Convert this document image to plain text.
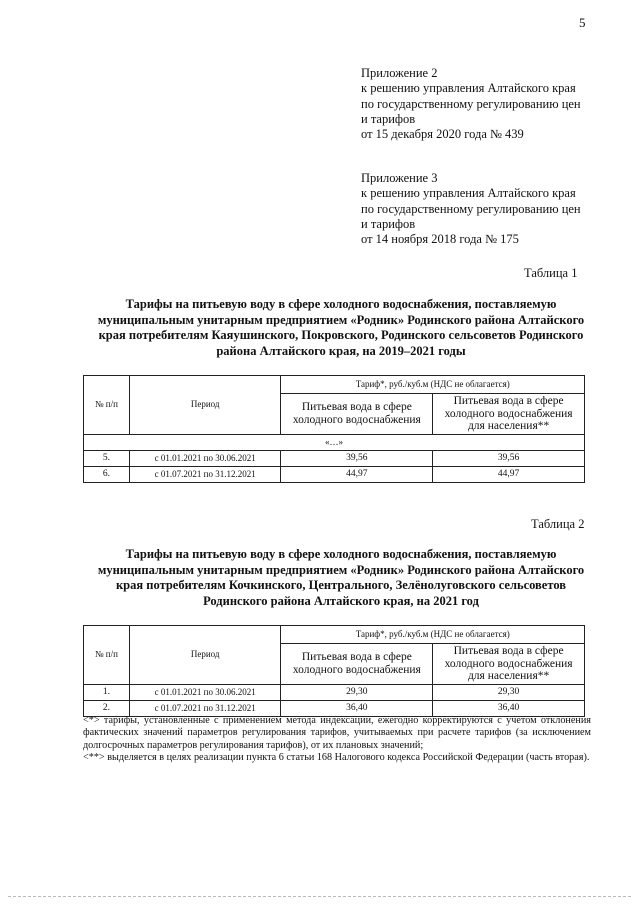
5
Приложение 2
к решению управления Алтайского края
по государственному регулированию цен
и тарифов
от 15 декабря 2020 года № 439
Приложение 3
к решению управления Алтайского края
по государственному регулированию цен
и тарифов
от 14 ноября 2018 года № 175
Таблица 1
Тарифы на питьевую воду в сфере холодного водоснабжения, поставляемую муниципальным унитарным предприятием «Родник» Родинского района Алтайского края потребителям Каяушинского, Покровского, Родинского сельсоветов Родинского района Алтайского края, на 2019–2021 годы
№ п/п	Период	Тариф*, руб./куб.м (НДС не облагается)	
		Питьевая вода в сфере холодного водоснабжения	Питьевая вода в сфере холодного водоснабжения для населения**
«…»			
5.	с 01.01.2021 по 30.06.2021	39,56	39,56
6.	с 01.07.2021 по 31.12.2021	44,97	44,97
Таблица 2
Тарифы на питьевую воду в сфере холодного водоснабжения, поставляемую муниципальным унитарным предприятием «Родник» Родинского района Алтайского края потребителям Кочкинского, Центрального, Зелёнолуговского сельсоветов Родинского района Алтайского края, на 2021 год
№ п/п	Период	Тариф*, руб./куб.м (НДС не облагается)	
		Питьевая вода в сфере холодного водоснабжения	Питьевая вода в сфере холодного водоснабжения для населения**
1.	с 01.01.2021 по 30.06.2021	29,30	29,30
2.	с 01.07.2021 по 31.12.2021	36,40	36,40
<*> тарифы, установленные с применением метода индексации, ежегодно корректируются с учетом отклонения фактических значений параметров регулирования тарифов, учитываемых при расчете тарифов (за исключением долгосрочных параметров регулирования тарифов), от их плановых значений;
<**> выделяется в целях реализации пункта 6 статьи 168 Налогового кодекса Российской Федерации (часть вторая).
